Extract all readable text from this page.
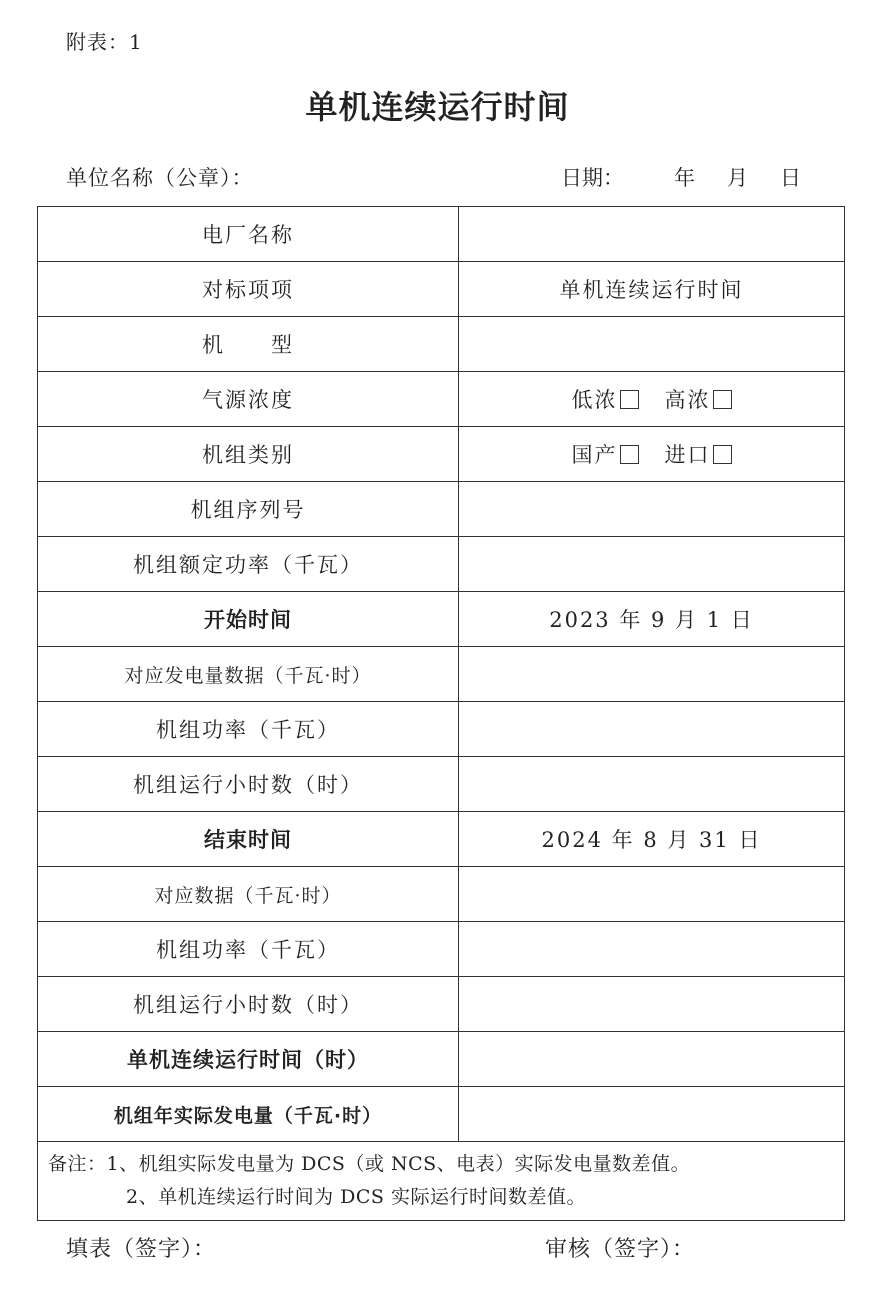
附表：1
单机连续运行时间
单位名称（公章）：	日期： 年 月 日
电厂名称	
对标项项	单机连续运行时间
机　　型	
气源浓度	低浓 高浓
机组类别	国产 进口
机组序列号	
机组额定功率（千瓦）	
开始时间	2023 年 9 月 1 日
对应发电量数据（千瓦·时）	
机组功率（千瓦）	
机组运行小时数（时）	
结束时间	2024 年 8 月 31 日
对应数据（千瓦·时）	
机组功率（千瓦）	
机组运行小时数（时）	
单机连续运行时间（时）	
机组年实际发电量（千瓦·时）	

备注：1、机组实际发电量为 DCS（或 NCS、电表）实际发电量数差值。
2、单机连续运行时间为 DCS 实际运行时间数差值。	
填表（签字）：	审核（签字）：
